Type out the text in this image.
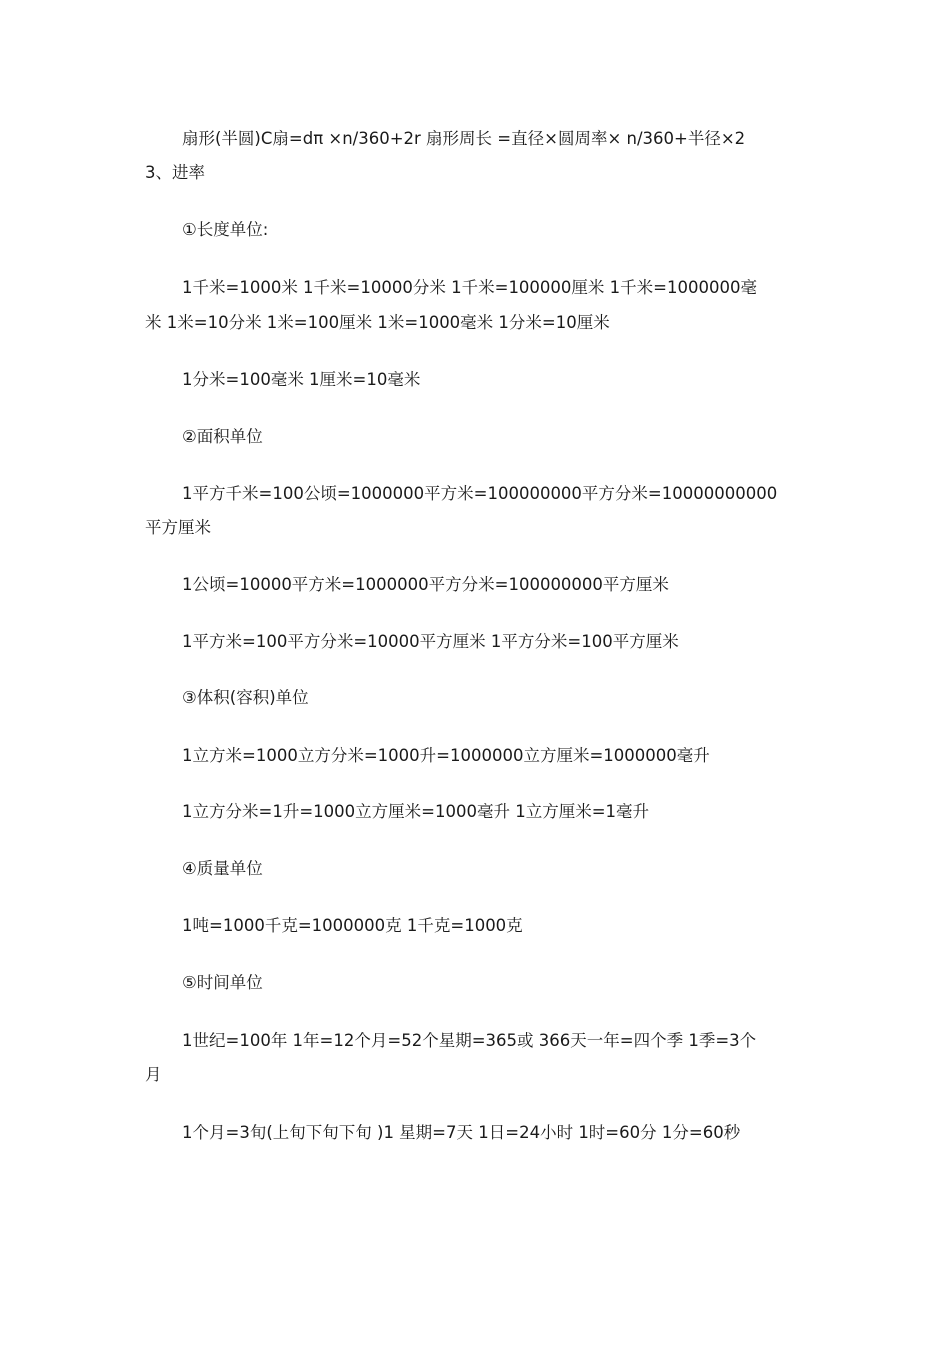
扇形(半圆)C扇=dπ ×n/360+2r 扇形周长 =直径×圆周率× n/360+半径×2
3、进率
①长度单位:
1千米=1000米 1千米=10000分米 1千米=100000厘米 1千米=1000000毫
米 1米=10分米 1米=100厘米 1米=1000毫米 1分米=10厘米
1分米=100毫米 1厘米=10毫米
②面积单位
1平方千米=100公顷=1000000平方米=100000000平方分米=10000000000
平方厘米
1公顷=10000平方米=1000000平方分米=100000000平方厘米
1平方米=100平方分米=10000平方厘米 1平方分米=100平方厘米
③体积(容积)单位
1立方米=1000立方分米=1000升=1000000立方厘米=1000000毫升
1立方分米=1升=1000立方厘米=1000毫升 1立方厘米=1毫升
④质量单位
1吨=1000千克=1000000克 1千克=1000克
⑤时间单位
1世纪=100年 1年=12个月=52个星期=365或 366天一年=四个季 1季=3个
月
1个月=3旬(上旬下旬下旬 )1 星期=7天 1日=24小时 1时=60分 1分=60秒
